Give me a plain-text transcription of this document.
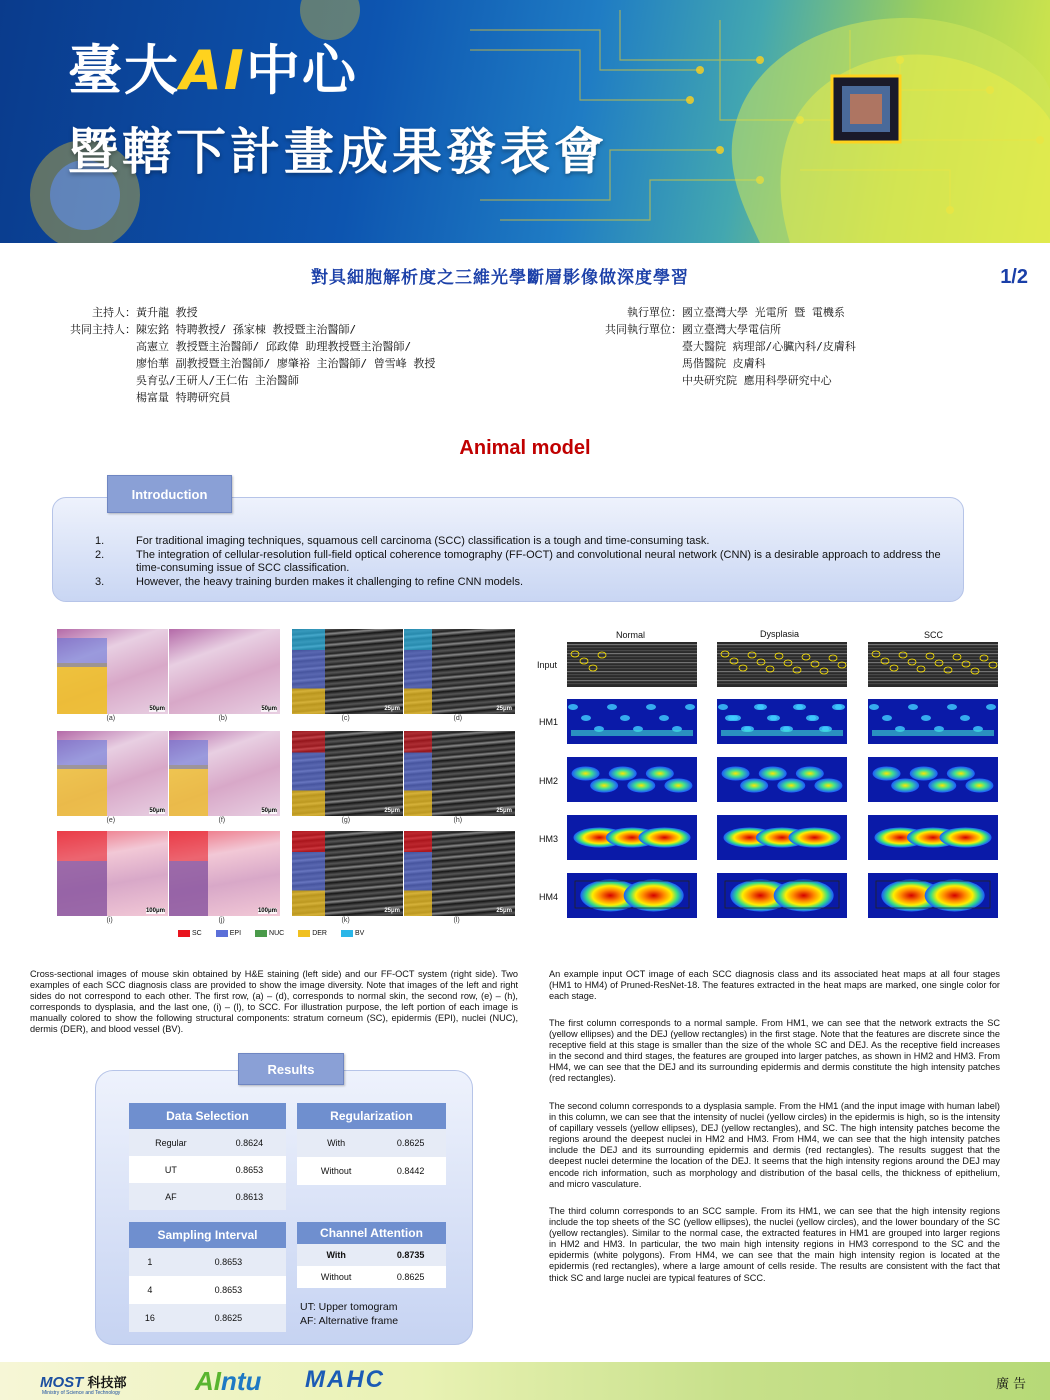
臺大AI中心
暨轄下計畫成果發表會
對具細胞解析度之三維光學斷層影像做深度學習	1/2
主持人： 黃升龍 教授
共同主持人： 陳宏銘 特聘教授/ 孫家棟 教授暨主治醫師/
高憲立 教授暨主治醫師/ 邱政偉 助理教授暨主治醫師/
廖怡華 副教授暨主治醫師/ 廖肇裕 主治醫師/ 曾雪峰 教授
吳育弘/王研人/王仁佑 主治醫師
楊富量 特聘研究員
執行單位： 國立臺灣大學 光電所 暨 電機系
共同執行單位： 國立臺灣大學電信所
臺大醫院 病理部/心臟內科/皮膚科
馬偕醫院 皮膚科
中央研究院 應用科學研究中心
Animal model
Introduction
1.	For traditional imaging techniques, squamous cell carcinoma (SCC) classification is a tough and time-consuming task.
2.	The integration of cellular-resolution full-field optical coherence tomography (FF-OCT) and convolutional neural network (CNN) is a desirable approach to address the time-consuming issue of SCC classification.
3.	However, the heavy training burden makes it challenging to refine CNN models.
50μm
(a)
50μm
(b)
25μm
(c)
25μm
(d)
50μm
(e)
50μm
(f)
25μm
(g)
25μm
(h)
100μm
(i)
100μm
(j)
25μm
(k)
25μm
(l)
SC	EPI	NUC	DER	BV
Normal	Dysplasia	SCC
Input
HM1
HM2
HM3
HM4
Cross-sectional images of mouse skin obtained by H&E staining (left side) and our FF-OCT system (right side). Two examples of each SCC diagnosis class are provided to show the image diversity. Note that images of the left and right sides do not correspond to each other. The first row, (a) – (d), corresponds to normal skin, the second row, (e) – (h), corresponds to dysplasia, and the last one, (i) – (l), to SCC. For illustration purpose, the left portion of each image is manually colored to show the following structural components: stratum corneum (SC), epidermis (EPI), nuclei (NUC), dermis (DER), and blood vessel (BV).
An example input OCT image of each SCC diagnosis class and its associated heat maps at all four stages (HM1 to HM4) of Pruned-ResNet-18. The features extracted in the heat maps are marked, one single color for each stage.
The first column corresponds to a normal sample. From HM1, we can see that the network extracts the SC (yellow ellipses) and the DEJ (yellow rectangles) in the first stage. Note that the features are discrete since the receptive field at this stage is smaller than the size of the whole SC and DEJ. As the receptive field increases in the second and third stages, the features are grouped into larger patches, as shown in HM2 and HM3. From HM4, we can see that the DEJ and its surrounding epidermis and dermis constitute the high intensity patches (red rectangles).
The second column corresponds to a dysplasia sample. From the HM1 (and the input image with human label) in this column, we can see that the intensity of nuclei (yellow circles) in the epidermis is high, so is the intensity of capillary vessels (yellow ellipses), DEJ (yellow rectangles), and SC. The high intensity patches become the regions around the deepest nuclei in HM2 and HM3. From HM4, we can see that the high intensity patches include the DEJ and its surrounding epidermis and dermis (red rectangles). The results suggest that the deepest nuclei determine the location of the DEJ. It seems that the high intensity regions around the DEJ may encode rich information, such as morphology and distribution of the basal cells, the thickness of epithelium, and micro vasculature.
The third column corresponds to an SCC sample. From its HM1, we can see that the high intensity regions include the top sheets of the SC (yellow ellipses), the nuclei (yellow circles), and the lower boundary of the SC (yellow rectangles). Similar to the normal case, the extracted features in HM1 are grouped into larger regions in HM2 and HM3. In particular, the two main high intensity regions in HM3 correspond to the SC and the epidermis (white polygons). From HM4, we can see that the main high intensity region is located at the epidermis (red rectangles), where a large amount of cells reside. The results are consistent with the fact that thick SC and large nuclei are typical features of SCC.
Results
Data Selection	
Regular	0.8624
UT	0.8653
AF	0.8613
Regularization	
With	0.8625
Without	0.8442
Sampling Interval	
1	0.8653
4	0.8653
16	0.8625
Channel Attention	
With	0.8735
Without	0.8625
UT: Upper tomogram
AF: Alternative frame
MOST 科技部
Ministry of Science and Technology	AIntu MAHC	廣告
